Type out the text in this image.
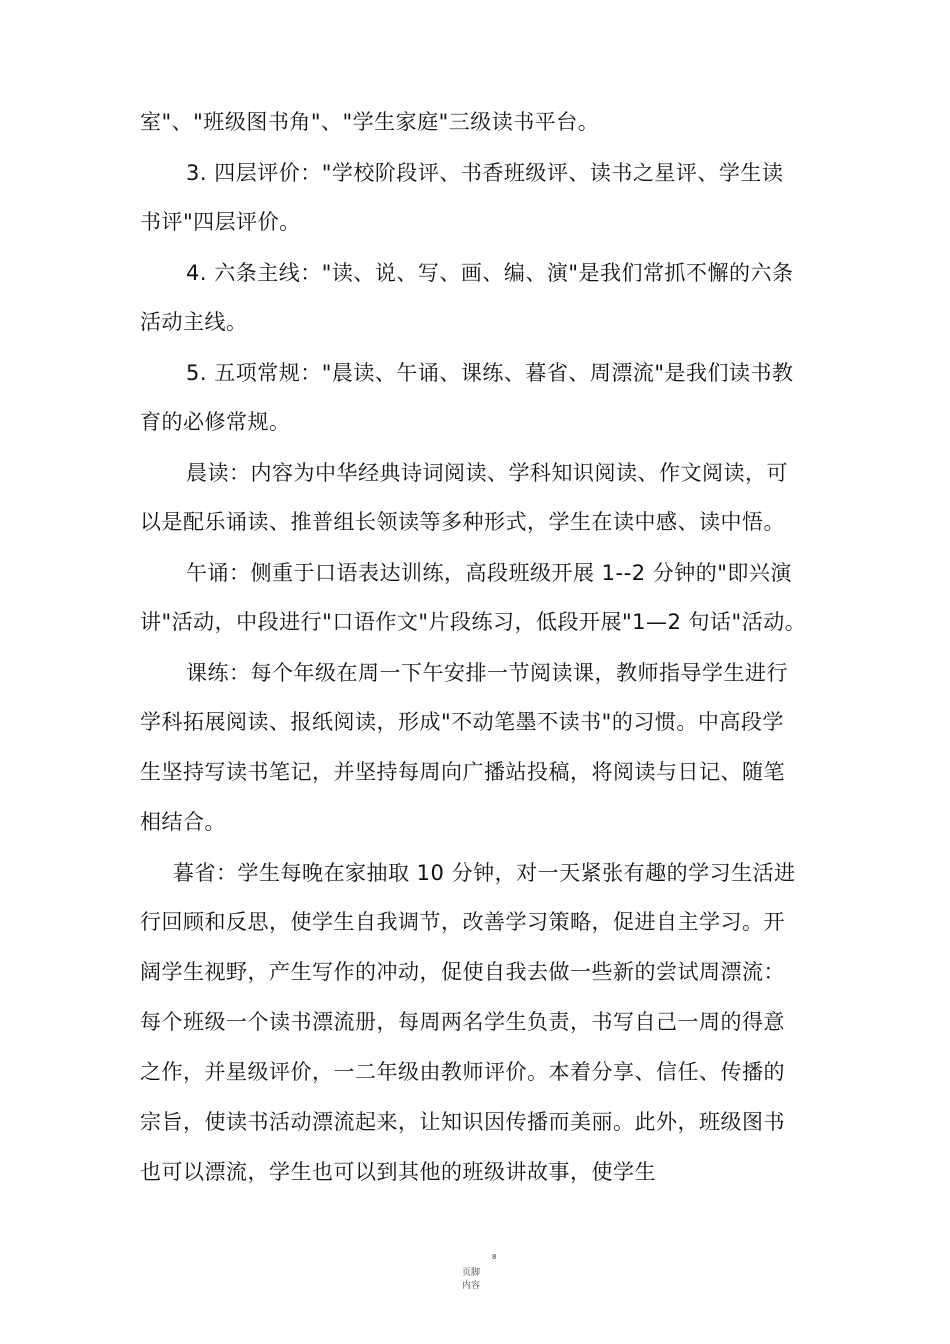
室"、"班级图书角"、"学生家庭"三级读书平台。
3. 四层评价："学校阶段评、书香班级评、读书之星评、学生读
书评"四层评价。
4. 六条主线："读、说、写、画、编、演"是我们常抓不懈的六条
活动主线。
5. 五项常规："晨读、午诵、课练、暮省、周漂流"是我们读书教
育的必修常规。
晨读：内容为中华经典诗词阅读、学科知识阅读、作文阅读，可
以是配乐诵读、推普组长领读等多种形式，学生在读中感、读中悟。
午诵：侧重于口语表达训练，高段班级开展 1--2 分钟的"即兴演
讲"活动，中段进行"口语作文"片段练习，低段开展"1—2 句话"活动。
课练：每个年级在周一下午安排一节阅读课，教师指导学生进行
学科拓展阅读、报纸阅读，形成"不动笔墨不读书"的习惯。中高段学
生坚持写读书笔记，并坚持每周向广播站投稿，将阅读与日记、随笔
相结合。
暮省：学生每晚在家抽取 10 分钟，对一天紧张有趣的学习生活进
行回顾和反思，使学生自我调节，改善学习策略，促进自主学习。开
阔学生视野，产生写作的冲动，促使自我去做一些新的尝试周漂流：
每个班级一个读书漂流册，每周两名学生负责，书写自己一周的得意
之作，并星级评价，一二年级由教师评价。本着分享、信任、传播的
宗旨，使读书活动漂流起来，让知识因传播而美丽。此外，班级图书
也可以漂流，学生也可以到其他的班级讲故事，使学生
8
页脚
内容
